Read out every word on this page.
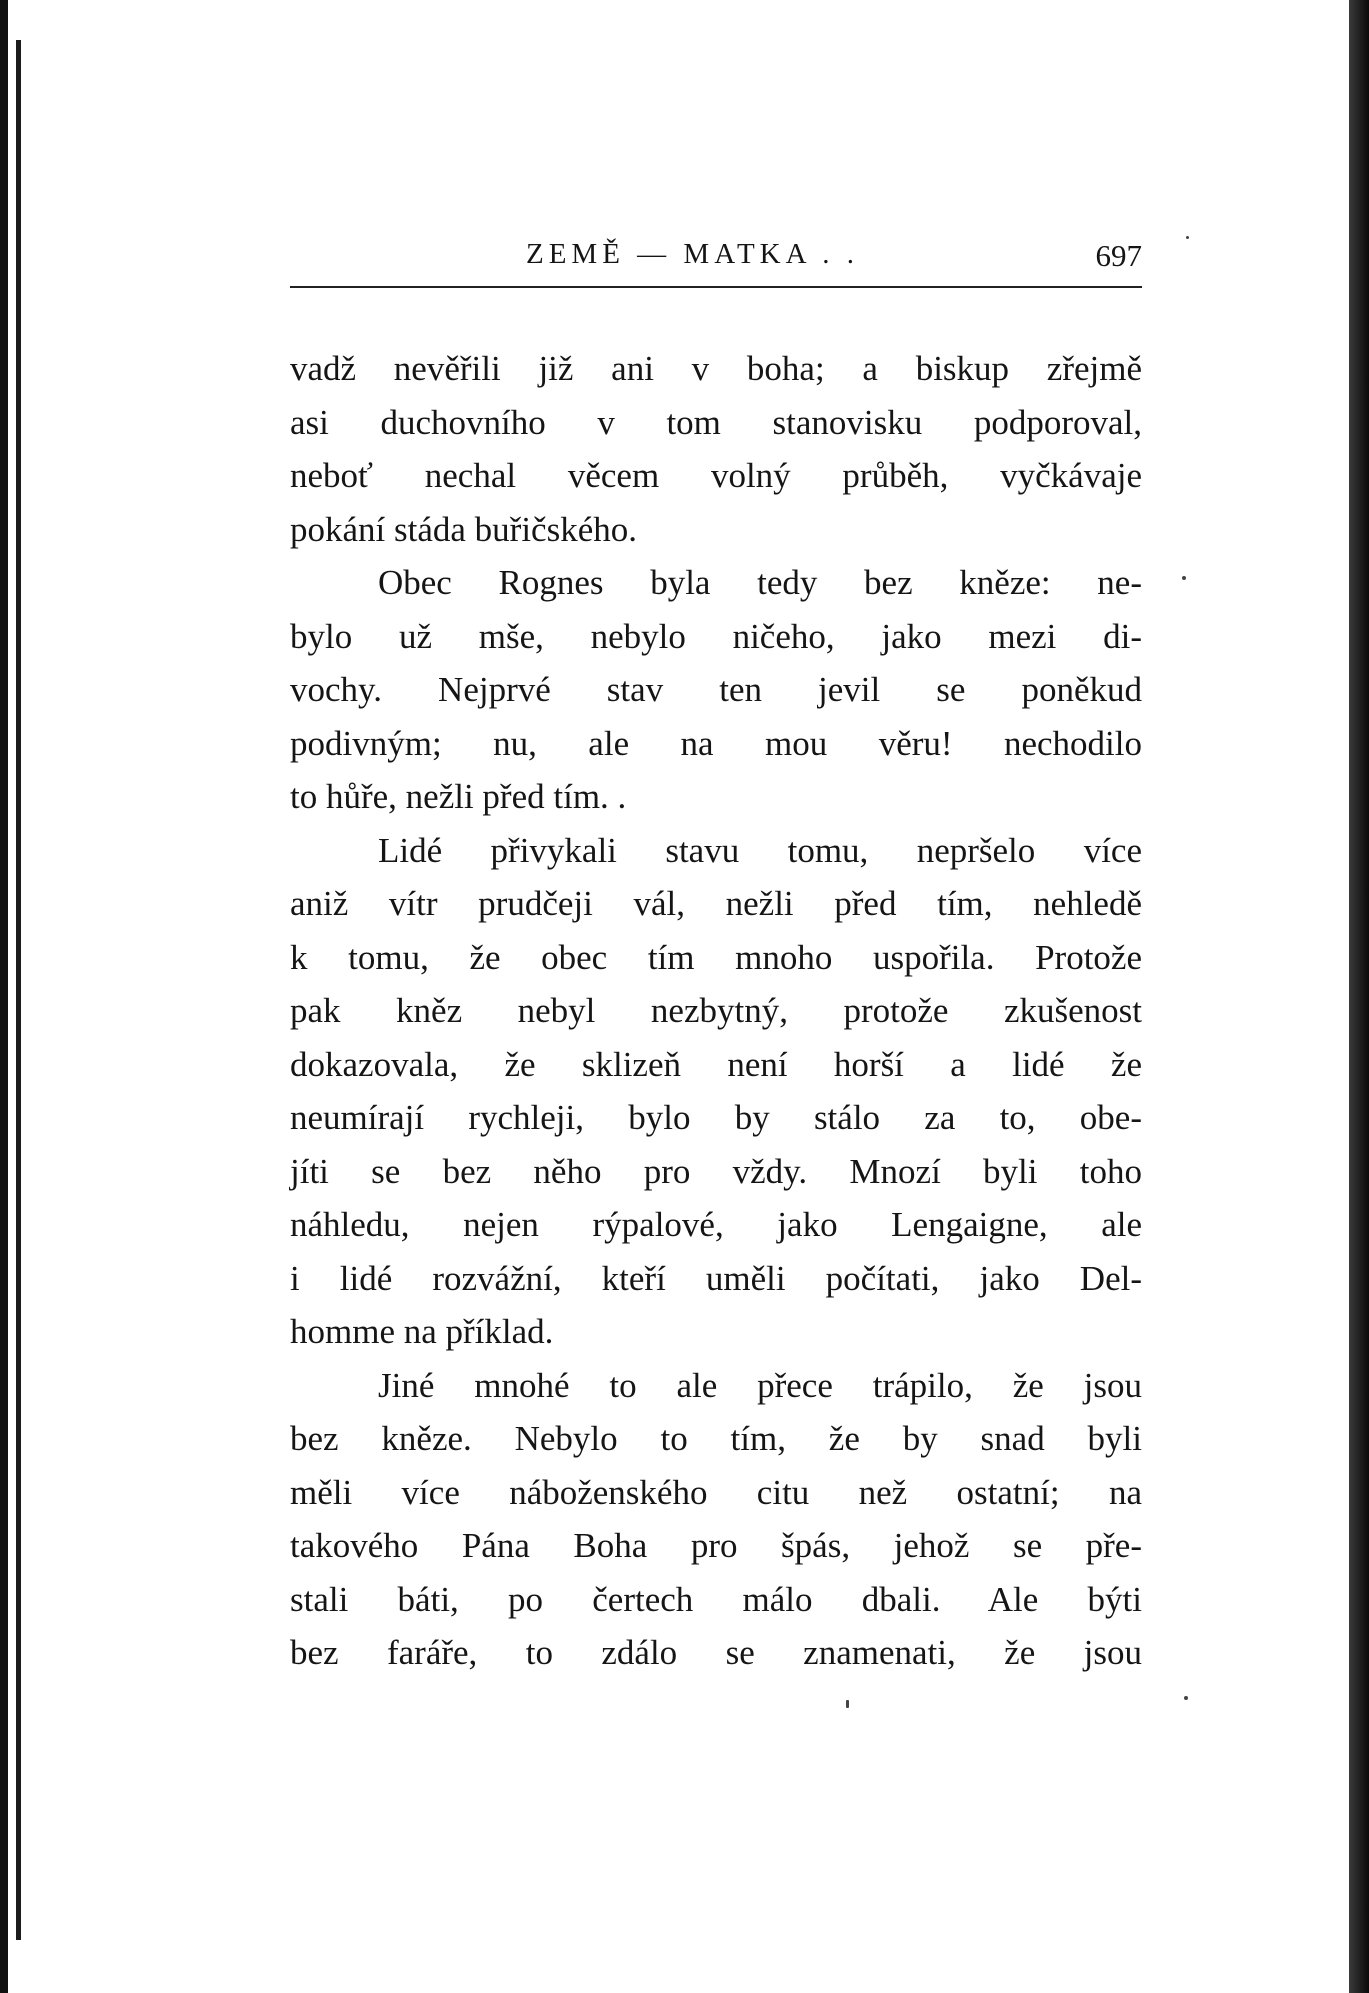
ZEMĚ — MATKA . .	697
vadž nevěřili již ani v boha; a biskup zřejmě
asi duchovního v tom stanovisku podporoval,
neboť nechal věcem volný průběh, vyčkávaje
pokání stáda buřičského.
Obec Rognes byla tedy bez kněze: ne-
bylo už mše, nebylo ničeho, jako mezi di-
vochy. Nejprvé stav ten jevil se poněkud
podivným; nu, ale na mou věru! nechodilo
to hůře, nežli před tím. .
Lidé přivykali stavu tomu, nepršelo více
aniž vítr prudčeji vál, nežli před tím, nehledě
k tomu, že obec tím mnoho uspořila. Protože
pak kněz nebyl nezbytný, protože zkušenost
dokazovala, že sklizeň není horší a lidé že
neumírají rychleji, bylo by stálo za to, obe-
jíti se bez něho pro vždy. Mnozí byli toho
náhledu, nejen rýpalové, jako Lengaigne, ale
i lidé rozvážní, kteří uměli počítati, jako Del-
homme na příklad.
Jiné mnohé to ale přece trápilo, že jsou
bez kněze. Nebylo to tím, že by snad byli
měli více náboženského citu než ostatní; na
takového Pána Boha pro špás, jehož se pře-
stali báti, po čertech málo dbali. Ale býti
bez faráře, to zdálo se znamenati, že jsou
